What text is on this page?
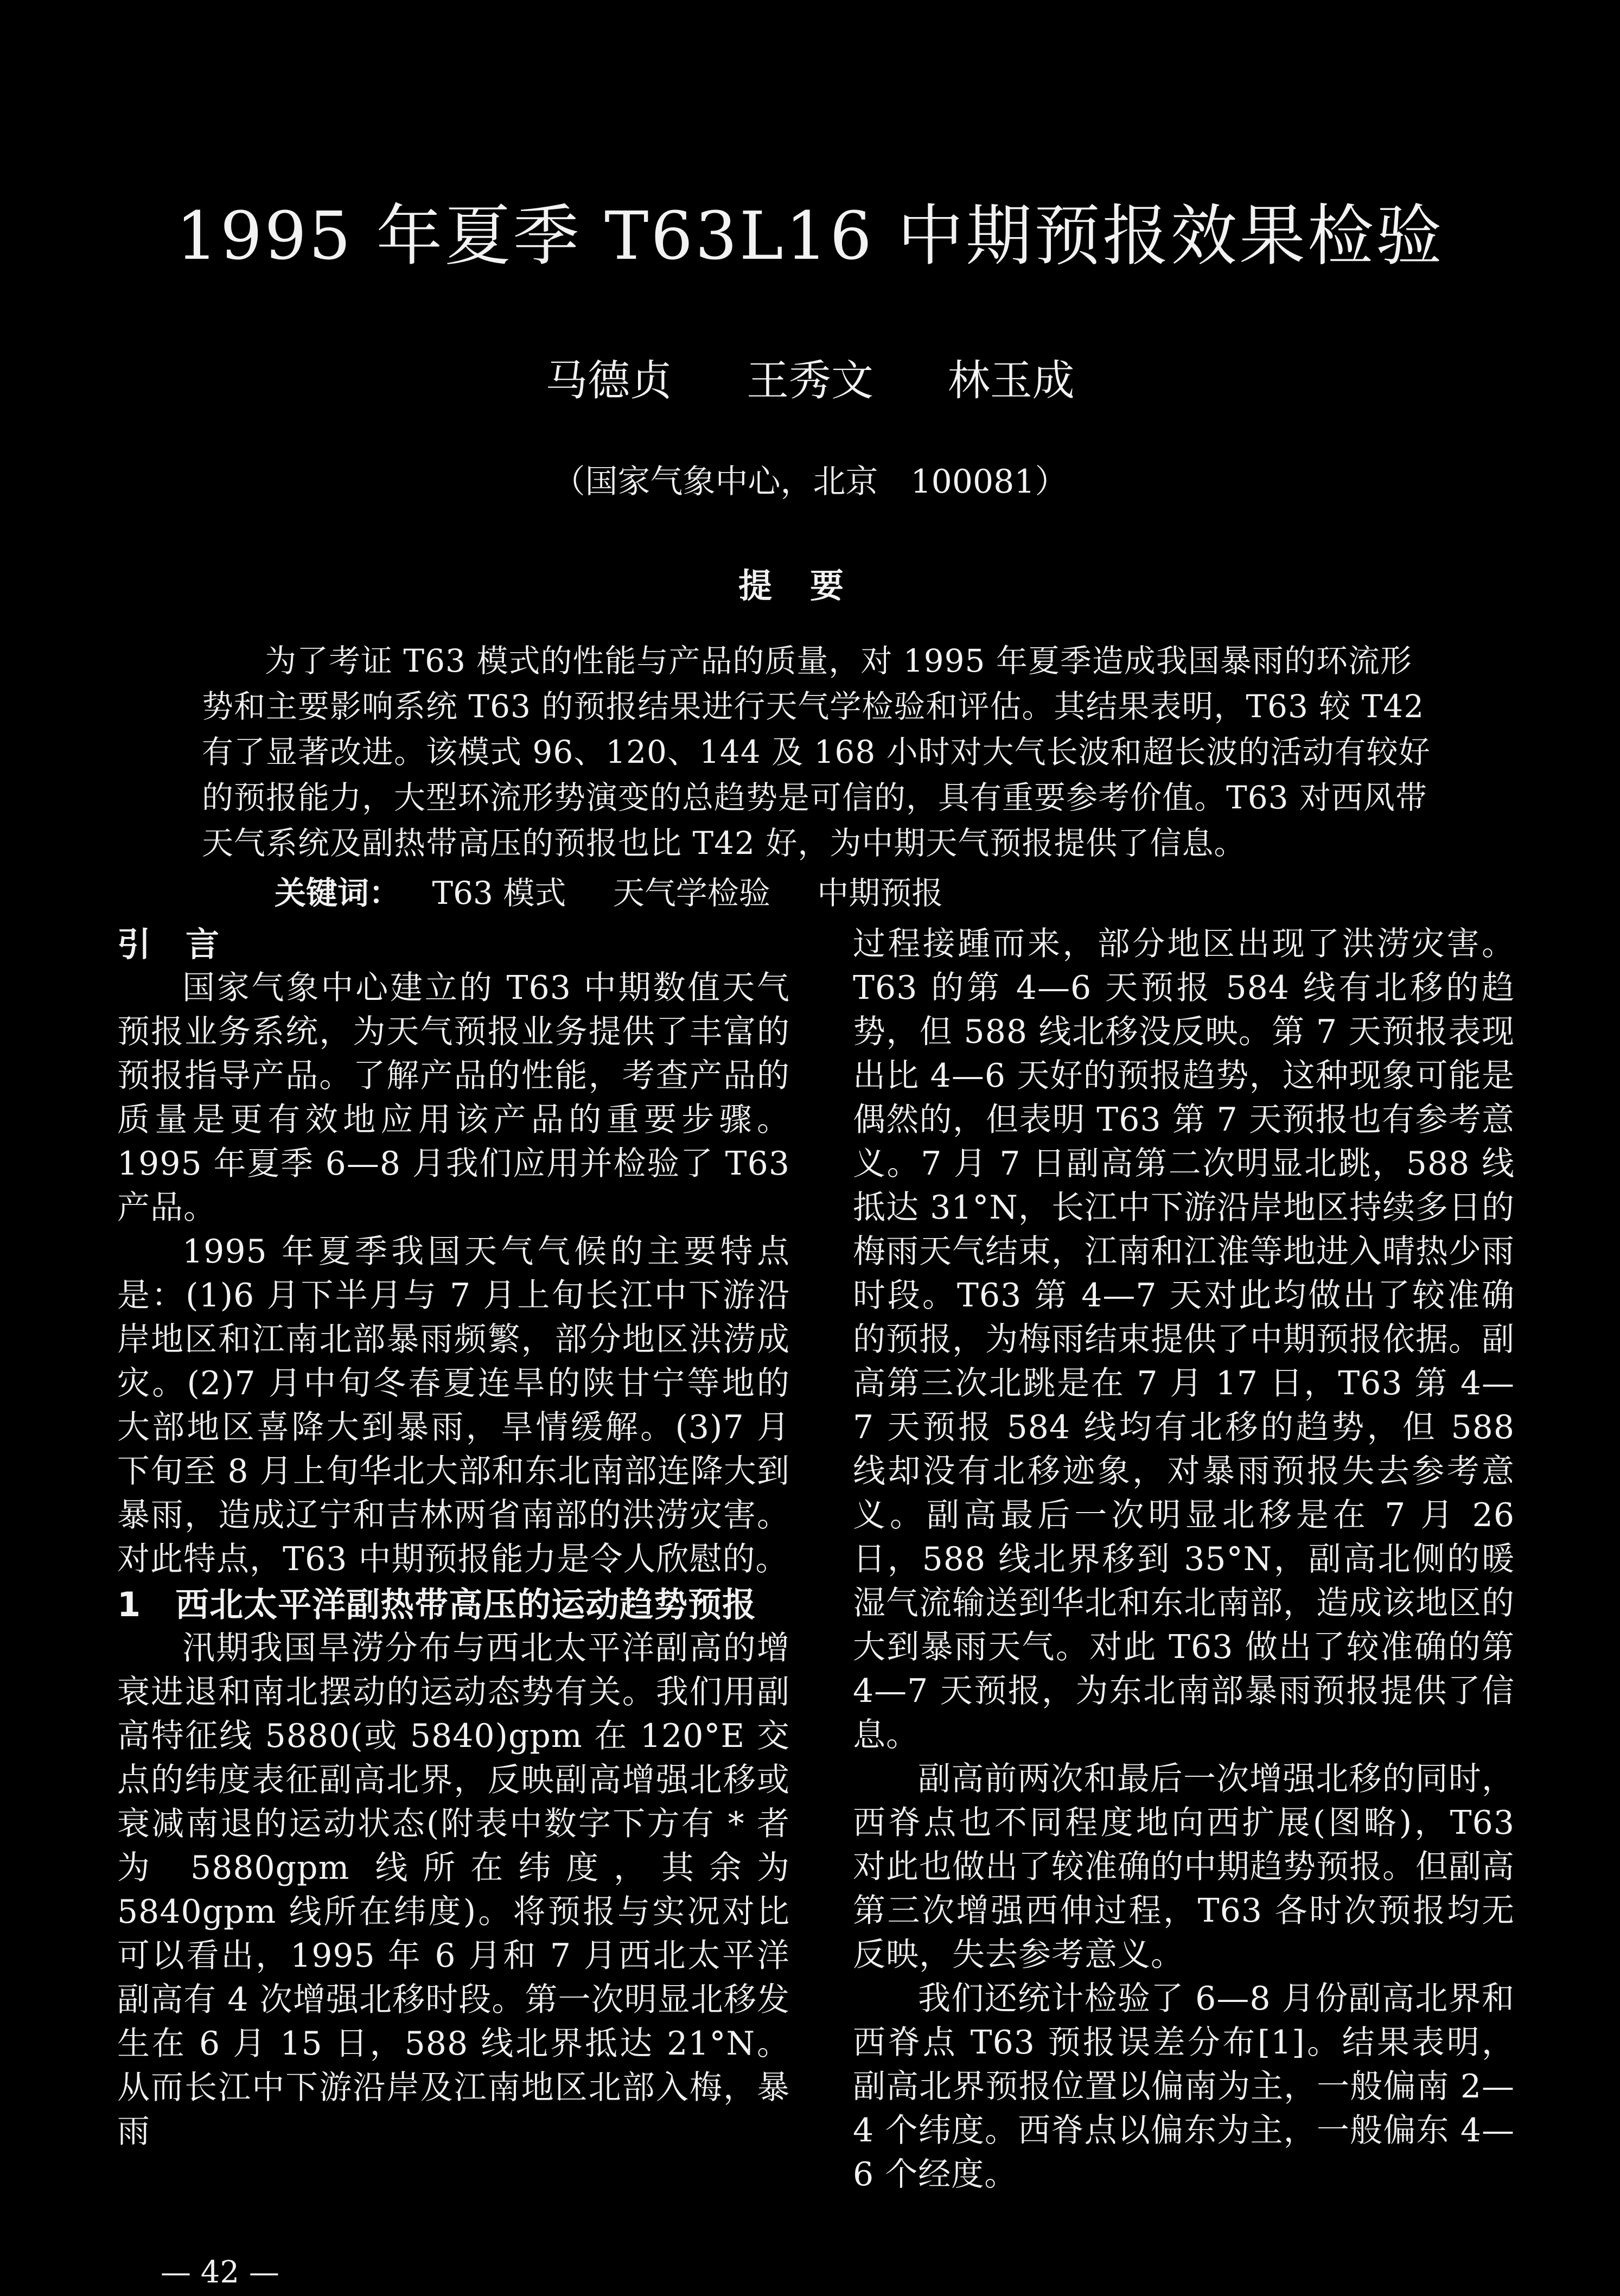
1995 年夏季 T63L16 中期预报效果检验
马德贞 王秀文 林玉成
（国家气象中心，北京　100081）
提要

为了考证 T63 模式的性能与产品的质量，对 1995 年夏季造成我国暴雨的环流形势和主要影响系统 T63 的预报结果进行天气学检验和评估。其结果表明，T63 较 T42 有了显著改进。该模式 96、120、144 及 168 小时对大气长波和超长波的活动有较好的预报能力，大型环流形势演变的总趋势是可信的，具有重要参考价值。T63 对西风带天气系统及副热带高压的预报也比 T42 好，为中期天气预报提供了信息。

关键词： T63 模式 天气学检验 中期预报
引　言

国家气象中心建立的 T63 中期数值天气预报业务系统，为天气预报业务提供了丰富的预报指导产品。了解产品的性能，考查产品的质量是更有效地应用该产品的重要步骤。1995 年夏季 6—8 月我们应用并检验了 T63 产品。

1995 年夏季我国天气气候的主要特点是：(1)6 月下半月与 7 月上旬长江中下游沿岸地区和江南北部暴雨频繁，部分地区洪涝成灾。(2)7 月中旬冬春夏连旱的陕甘宁等地的大部地区喜降大到暴雨，旱情缓解。(3)7 月下旬至 8 月上旬华北大部和东北南部连降大到暴雨，造成辽宁和吉林两省南部的洪涝灾害。对此特点，T63 中期预报能力是令人欣慰的。

1　西北太平洋副热带高压的运动趋势预报

汛期我国旱涝分布与西北太平洋副高的增衰进退和南北摆动的运动态势有关。我们用副高特征线 5880(或 5840)gpm 在 120°E 交点的纬度表征副高北界，反映副高增强北移或衰减南退的运动状态(附表中数字下方有 * 者为 5880gpm 线所在纬度，其余为 5840gpm 线所在纬度)。将预报与实况对比可以看出，1995 年 6 月和 7 月西北太平洋副高有 4 次增强北移时段。第一次明显北移发生在 6 月 15 日，588 线北界抵达 21°N。从而长江中下游沿岸及江南地区北部入梅，暴雨

过程接踵而来，部分地区出现了洪涝灾害。T63 的第 4—6 天预报 584 线有北移的趋势，但 588 线北移没反映。第 7 天预报表现出比 4—6 天好的预报趋势，这种现象可能是偶然的，但表明 T63 第 7 天预报也有参考意义。7 月 7 日副高第二次明显北跳，588 线抵达 31°N，长江中下游沿岸地区持续多日的梅雨天气结束，江南和江淮等地进入晴热少雨时段。T63 第 4—7 天对此均做出了较准确的预报，为梅雨结束提供了中期预报依据。副高第三次北跳是在 7 月 17 日，T63 第 4—7 天预报 584 线均有北移的趋势，但 588 线却没有北移迹象，对暴雨预报失去参考意义。副高最后一次明显北移是在 7 月 26 日，588 线北界移到 35°N，副高北侧的暖湿气流输送到华北和东北南部，造成该地区的大到暴雨天气。对此 T63 做出了较准确的第 4—7 天预报，为东北南部暴雨预报提供了信息。

副高前两次和最后一次增强北移的同时，西脊点也不同程度地向西扩展(图略)，T63 对此也做出了较准确的中期趋势预报。但副高第三次增强西伸过程，T63 各时次预报均无反映，失去参考意义。

我们还统计检验了 6—8 月份副高北界和西脊点 T63 预报误差分布[1]。结果表明，副高北界预报位置以偏南为主，一般偏南 2—4 个纬度。西脊点以偏东为主，一般偏东 4—6 个经度。

— 42 —
